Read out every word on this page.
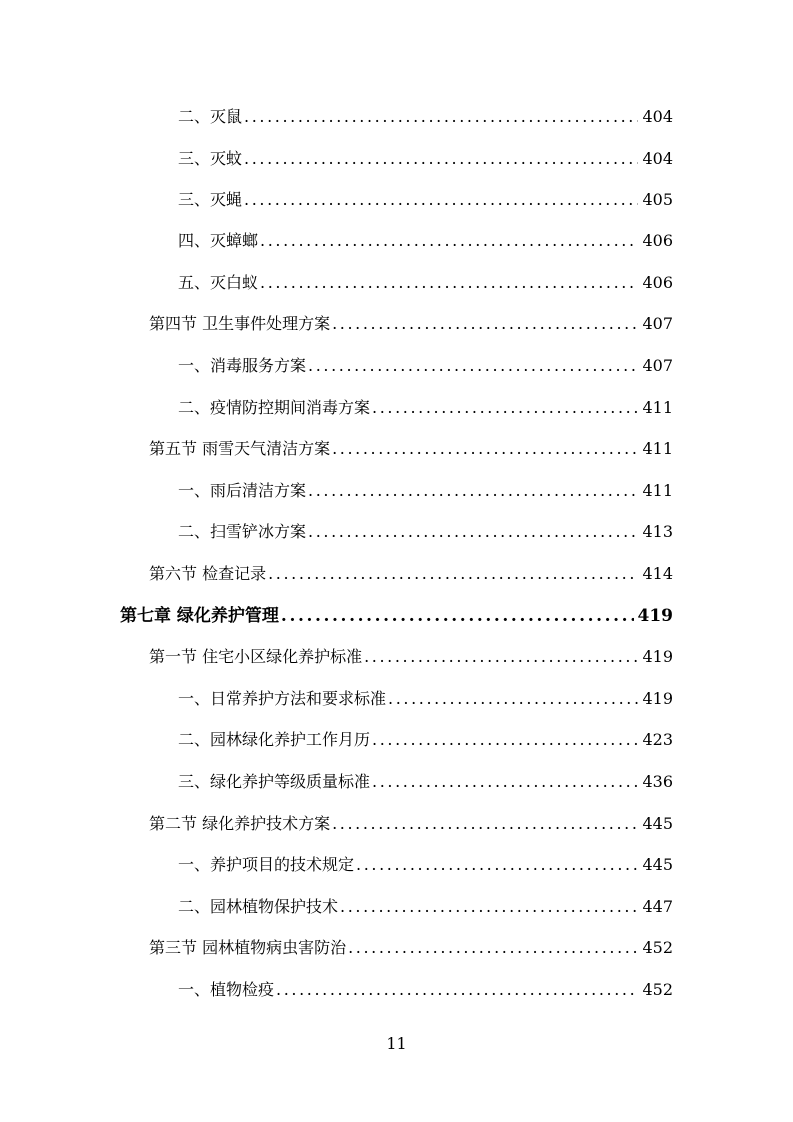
二、灭鼠 .....	404
三、灭蚊 .....	404
三、灭蝇 .....	405
四、灭蟑螂 .....	406
五、灭白蚁 .....	406
第四节 卫生事件处理方案 .....	407
一、消毒服务方案 .....	407
二、疫情防控期间消毒方案 .....	411
第五节 雨雪天气清洁方案 .....	411
一、雨后清洁方案 .....	411
二、扫雪铲冰方案 .....	413
第六节 检查记录 .....	414
第七章 绿化养护管理 .....	419
第一节 住宅小区绿化养护标准 .....	419
一、日常养护方法和要求标准 .....	419
二、园林绿化养护工作月历 .....	423
三、绿化养护等级质量标准 .....	436
第二节 绿化养护技术方案 .....	445
一、养护项目的技术规定 .....	445
二、园林植物保护技术 .....	447
第三节 园林植物病虫害防治 .....	452
一、植物检疫 .....	452
11
